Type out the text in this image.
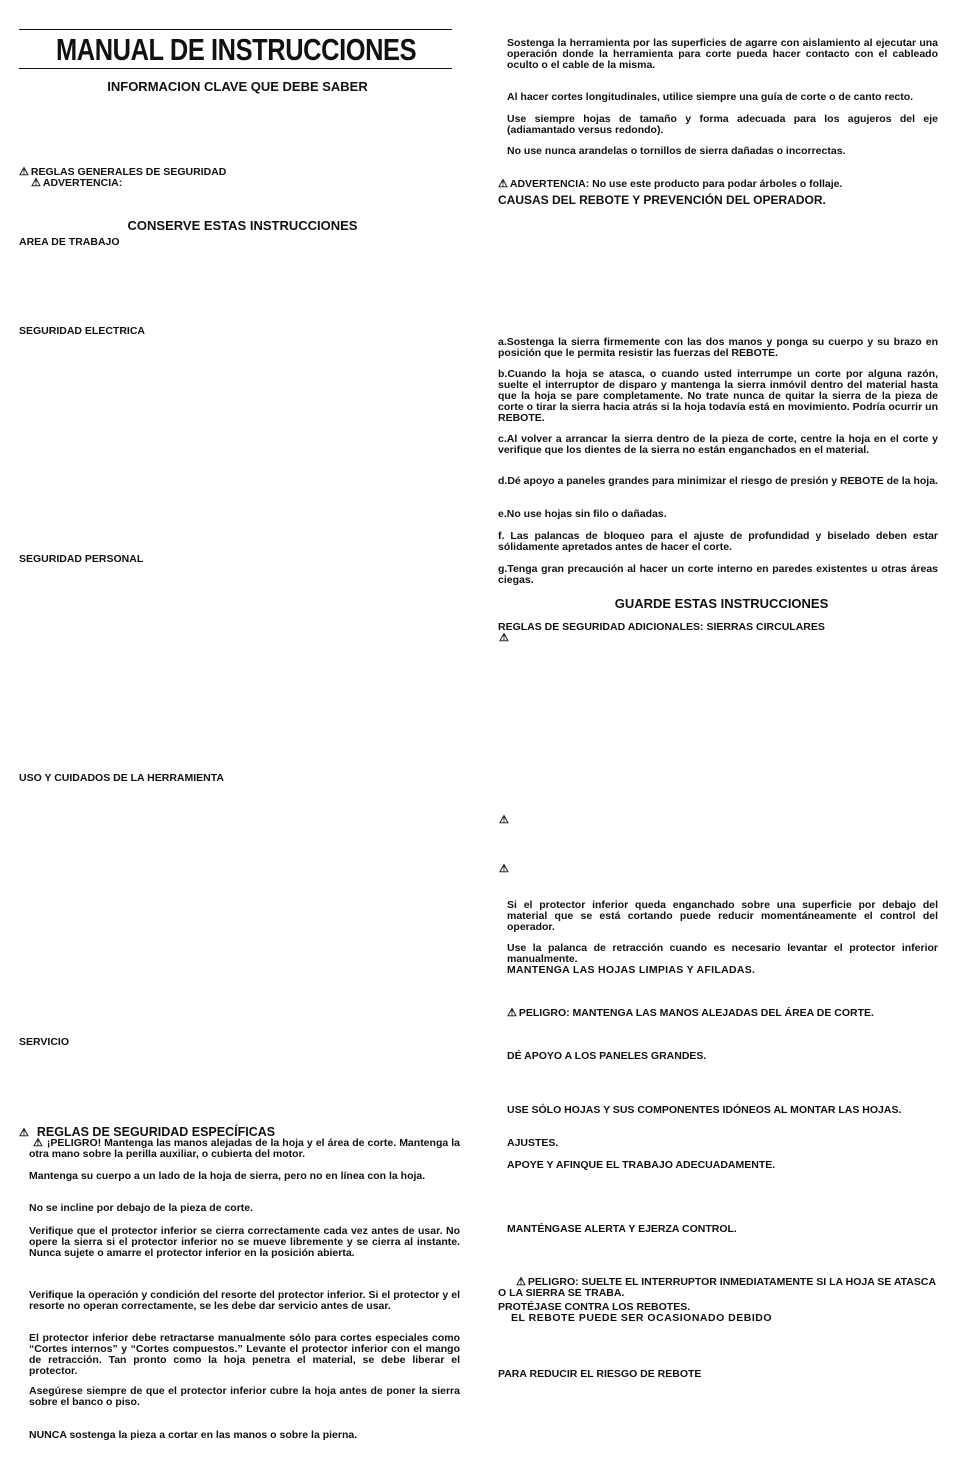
MANUAL DE INSTRUCCIONES

INFORMACION CLAVE QUE DEBE SABER

⚠ REGLAS GENERALES DE SEGURIDAD

⚠ ADVERTENCIA:

CONSERVE ESTAS INSTRUCCIONES

AREA DE TRABAJO

SEGURIDAD ELECTRICA

SEGURIDAD PERSONAL

USO Y CUIDADOS DE LA HERRAMIENTA

SERVICIO

⚠ REGLAS DE SEGURIDAD ESPECÍFICAS

⚠ ¡PELIGRO! Mantenga las manos alejadas de la hoja y el área de corte. Mantenga la otra mano sobre la perilla auxiliar, o cubierta del motor.

Mantenga su cuerpo a un lado de la hoja de sierra, pero no en línea con la hoja.

No se incline por debajo de la pieza de corte.

Verifique que el protector inferior se cierra correctamente cada vez antes de usar. No opere la sierra si el protector inferior no se mueve libremente y se cierra al instante. Nunca sujete o amarre el protector inferior en la posición abierta.

Verifique la operación y condición del resorte del protector inferior. Si el protector y el resorte no operan correctamente, se les debe dar servicio antes de usar.

El protector inferior debe retractarse manualmente sólo para cortes especiales como “Cortes internos” y “Cortes compuestos.” Levante el protector inferior con el mango de retracción. Tan pronto como la hoja penetra el material, se debe liberar el protector.

Asegúrese siempre de que el protector inferior cubre la hoja antes de poner la sierra sobre el banco o piso.

NUNCA sostenga la pieza a cortar en las manos o sobre la pierna.

Sostenga la herramienta por las superficies de agarre con aislamiento al ejecutar una operación donde la herramienta para corte pueda hacer contacto con el cableado oculto o el cable de la misma.

Al hacer cortes longitudinales, utilice siempre una guía de corte o de canto recto.

Use siempre hojas de tamaño y forma adecuada para los agujeros del eje (adiamantado versus redondo).

No use nunca arandelas o tornillos de sierra dañadas o incorrectas.

⚠ ADVERTENCIA: No use este producto para podar árboles o follaje.

CAUSAS DEL REBOTE Y PREVENCIÓN DEL OPERADOR.

a.Sostenga la sierra firmemente con las dos manos y ponga su cuerpo y su brazo en posición que le permita resistir las fuerzas del REBOTE.

b.Cuando la hoja se atasca, o cuando usted interrumpe un corte por alguna razón, suelte el interruptor de disparo y mantenga la sierra inmóvil dentro del material hasta que la hoja se pare completamente. No trate nunca de quitar la sierra de la pieza de corte o tirar la sierra hacia atrás si la hoja todavía está en movimiento. Podría ocurrir un REBOTE.

c.Al volver a arrancar la sierra dentro de la pieza de corte, centre la hoja en el corte y verifique que los dientes de la sierra no están enganchados en el material.

d.Dé apoyo a paneles grandes para minimizar el riesgo de presión y REBOTE de la hoja.

e.No use hojas sin filo o dañadas.

f. Las palancas de bloqueo para el ajuste de profundidad y biselado deben estar sólidamente apretados antes de hacer el corte.

g.Tenga gran precaución al hacer un corte interno en paredes existentes u otras áreas ciegas.

GUARDE ESTAS INSTRUCCIONES

REGLAS DE SEGURIDAD ADICIONALES: SIERRAS CIRCULARES

⚠
⚠
⚠

Si el protector inferior queda enganchado sobre una superficie por debajo del material que se está cortando puede reducir momentáneamente el control del operador.

Use la palanca de retracción cuando es necesario levantar el protector inferior manualmente.

MANTENGA LAS HOJAS LIMPIAS Y AFILADAS.

⚠ PELIGRO: MANTENGA LAS MANOS ALEJADAS DEL ÁREA DE CORTE.

DÉ APOYO A LOS PANELES GRANDES.

USE SÓLO HOJAS Y SUS COMPONENTES IDÓNEOS AL MONTAR LAS HOJAS.

AJUSTES.

APOYE Y AFINQUE EL TRABAJO ADECUADAMENTE.

MANTÉNGASE ALERTA Y EJERZA CONTROL.

⚠ PELIGRO: SUELTE EL INTERRUPTOR INMEDIATAMENTE SI LA HOJA SE ATASCA O LA SIERRA SE TRABA.

PROTÉJASE CONTRA LOS REBOTES.

EL REBOTE PUEDE SER OCASIONADO DEBIDO

PARA REDUCIR EL RIESGO DE REBOTE
